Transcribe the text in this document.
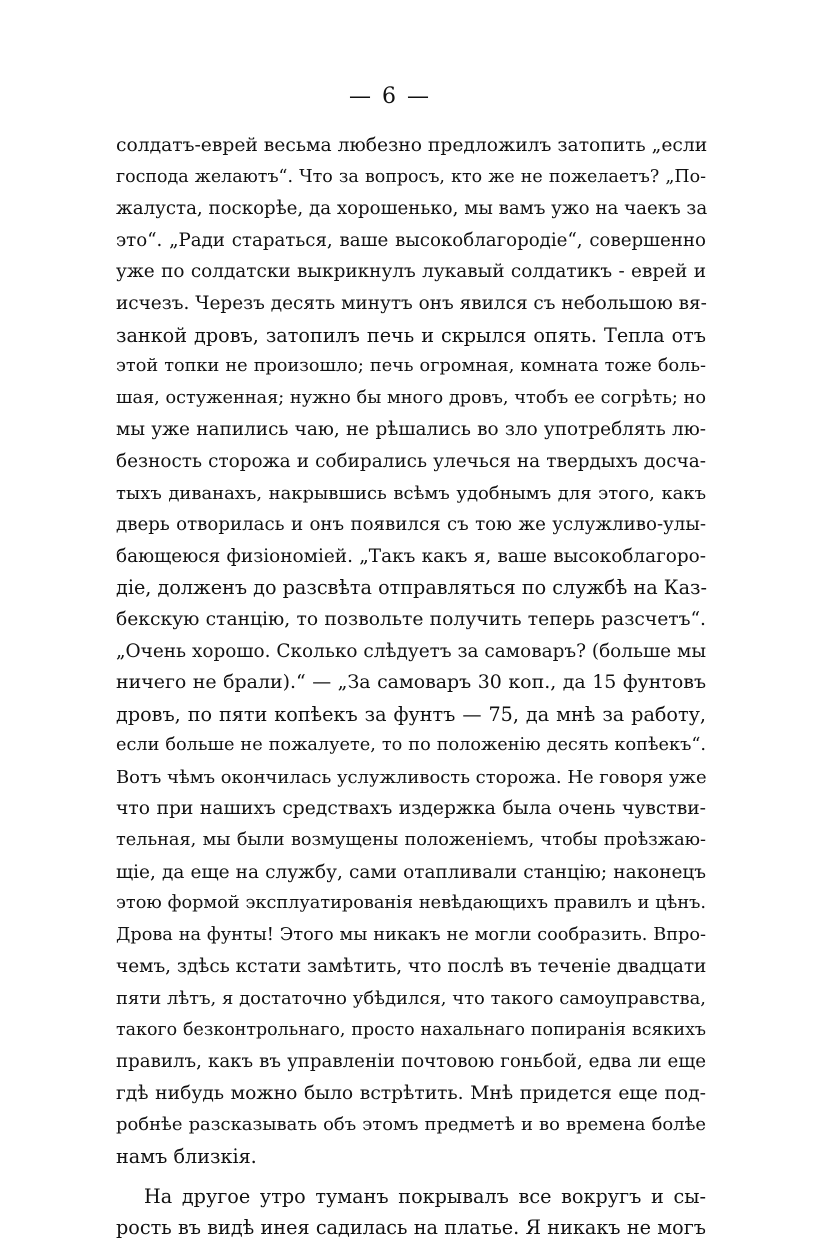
— 6 —
солдатъ-еврей весьма любезно предложилъ затопить „если
господа желаютъ“. Что за вопросъ, кто же не пожелаетъ? „По-
жалуста, поскорѣе, да хорошенько, мы вамъ ужо на чаекъ за
это“. „Ради стараться, ваше высокоблагородіе“, совершенно
уже по солдатски выкрикнулъ лукавый солдатикъ - еврей и
исчезъ. Черезъ десять минутъ онъ явился съ небольшою вя-
занкой дровъ, затопилъ печь и скрылся опять. Тепла отъ
этой топки не произошло; печь огромная, комната тоже боль-
шая, остуженная; нужно бы много дровъ, чтобъ ее согрѣть; но
мы уже напились чаю, не рѣшались во зло употреблять лю-
безность сторожа и собирались улечься на твердыхъ досча-
тыхъ диванахъ, накрывшись всѣмъ удобнымъ для этого, какъ
дверь отворилась и онъ появился съ тою же услужливо-улы-
бающеюся физіономіей. „Такъ какъ я, ваше высокоблагоро-
діе, долженъ до разсвѣта отправляться по службѣ на Каз-
бекскую станцію, то позвольте получить теперь разсчетъ“.
„Очень хорошо. Сколько слѣдуетъ за самоваръ? (больше мы
ничего не брали).“ — „За самоваръ 30 коп., да 15 фунтовъ
дровъ, по пяти копѣекъ за фунтъ — 75, да мнѣ за работу,
если больше не пожалуете, то по положенію десять копѣекъ“.
Вотъ чѣмъ окончилась услужливость сторожа. Не говоря уже
что при нашихъ средствахъ издержка была очень чувстви-
тельная, мы были возмущены положеніемъ, чтобы проѣзжаю-
щіе, да еще на службу, сами отапливали станцію; наконецъ
этою формой эксплуатированія невѣдающихъ правилъ и цѣнъ.
Дрова на фунты! Этого мы никакъ не могли сообразить. Впро-
чемъ, здѣсь кстати замѣтить, что послѣ въ теченіе двадцати
пяти лѣтъ, я достаточно убѣдился, что такого самоуправства,
такого безконтрольнаго, просто нахальнаго попиранія всякихъ
правилъ, какъ въ управленіи почтовою гоньбой, едва ли еще
гдѣ нибудь можно было встрѣтить. Мнѣ придется еще под-
робнѣе разсказывать объ этомъ предметѣ и во времена болѣе
намъ близкія.
На другое утро туманъ покрывалъ все вокругъ и сы-
рость въ видѣ инея садилась на платье. Я никакъ не могъ
